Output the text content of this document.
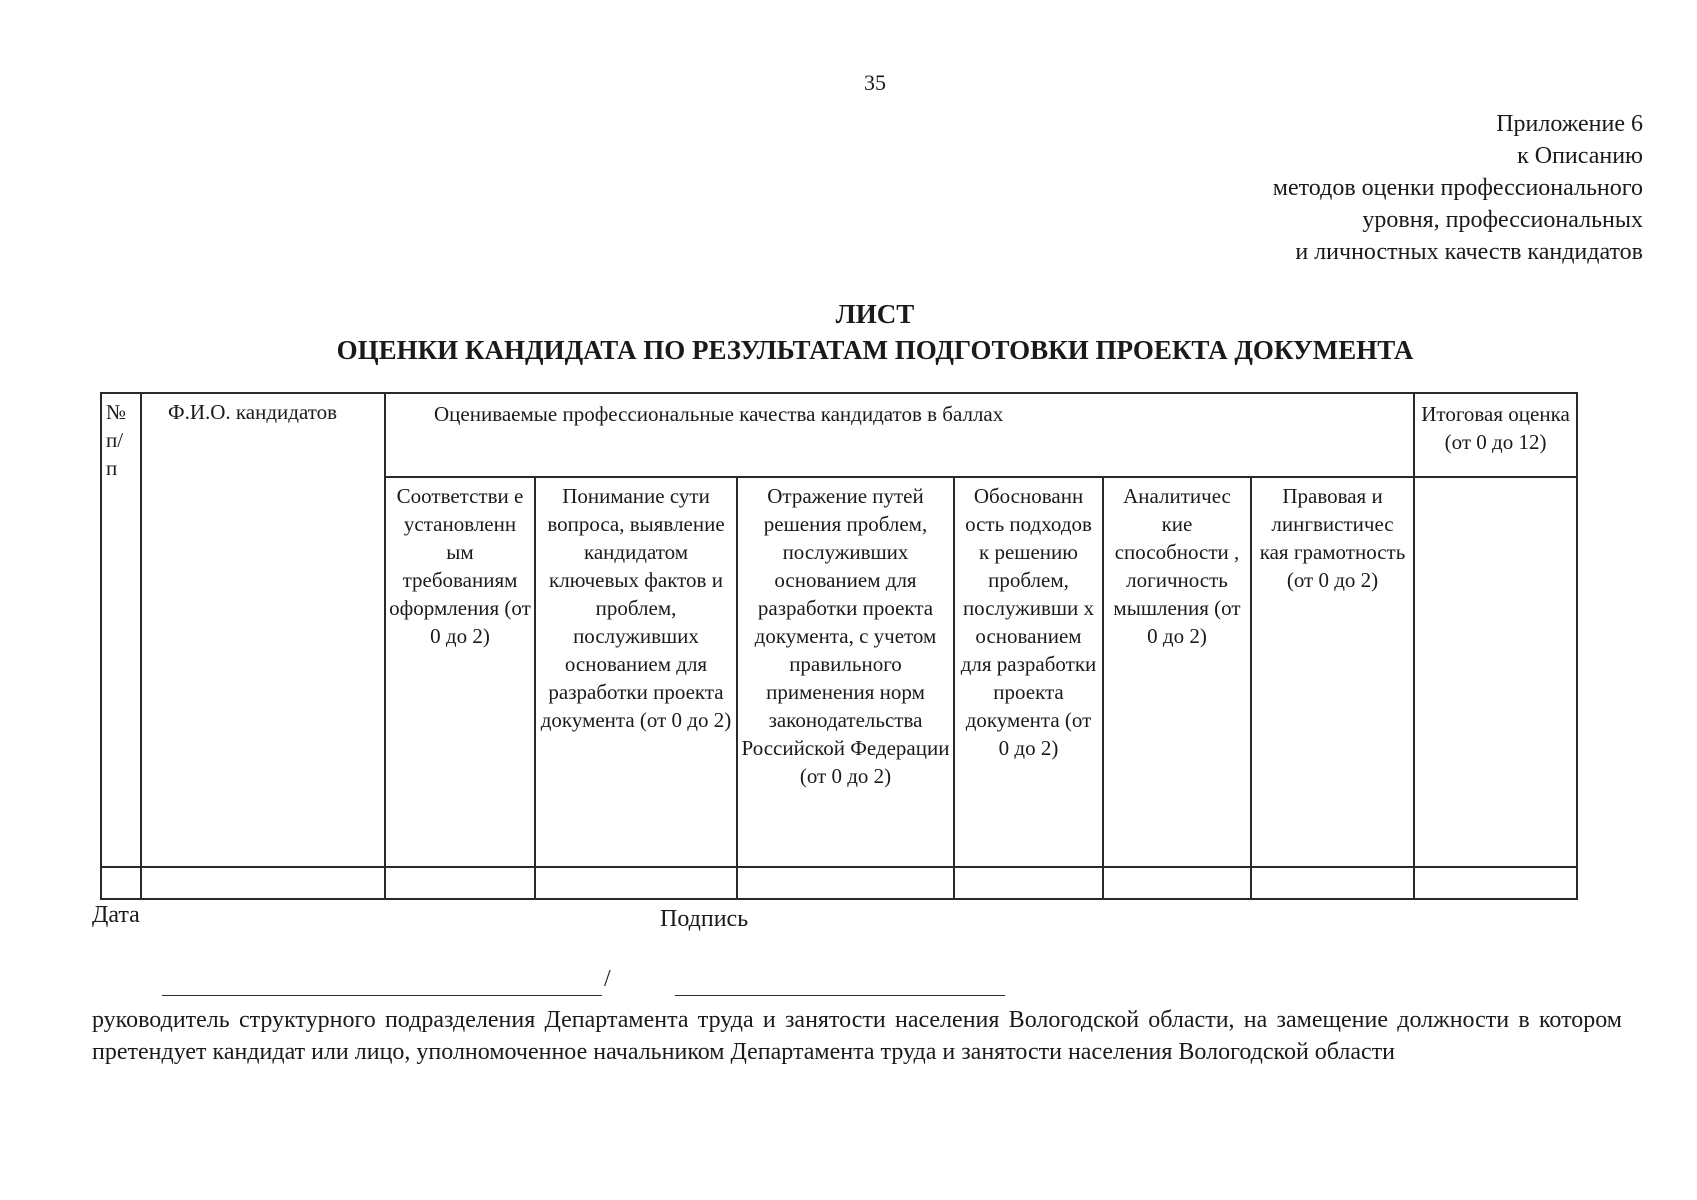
35
Приложение 6
к Описанию
методов оценки профессионального
уровня, профессиональных
и личностных качеств кандидатов
ЛИСТ
ОЦЕНКИ КАНДИДАТА ПО РЕЗУЛЬТАТАМ ПОДГОТОВКИ ПРОЕКТА ДОКУМЕНТА
№ п/ п	Ф.И.О. кандидатов	Оцениваемые профессиональные качества кандидатов в баллах						Итоговая оценка (от 0 до 12)
		Соответстви е установленн ым требованиям оформления (от 0 до 2)	Понимание сути вопроса, выявление кандидатом ключевых фактов и проблем, послуживших основанием для разработки проекта документа (от 0 до 2)	Отражение путей решения проблем, послуживших основанием для разработки проекта документа, с учетом правильного применения норм законодательства Российской Федерации (от 0 до 2)	Обоснованн ость подходов к решению проблем, послуживши х основанием для разработки проекта документа (от 0 до 2)	Аналитичес кие способности , логичность мышления (от 0 до 2)	Правовая и лингвистичес кая грамотность (от 0 до 2)	

Дата	Подпись
/
руководитель структурного подразделения Департамента труда и занятости населения Вологодской области, на замещение должности в котором претендует кандидат или лицо, уполномоченное начальником Департамента труда и занятости населения Вологодской области
